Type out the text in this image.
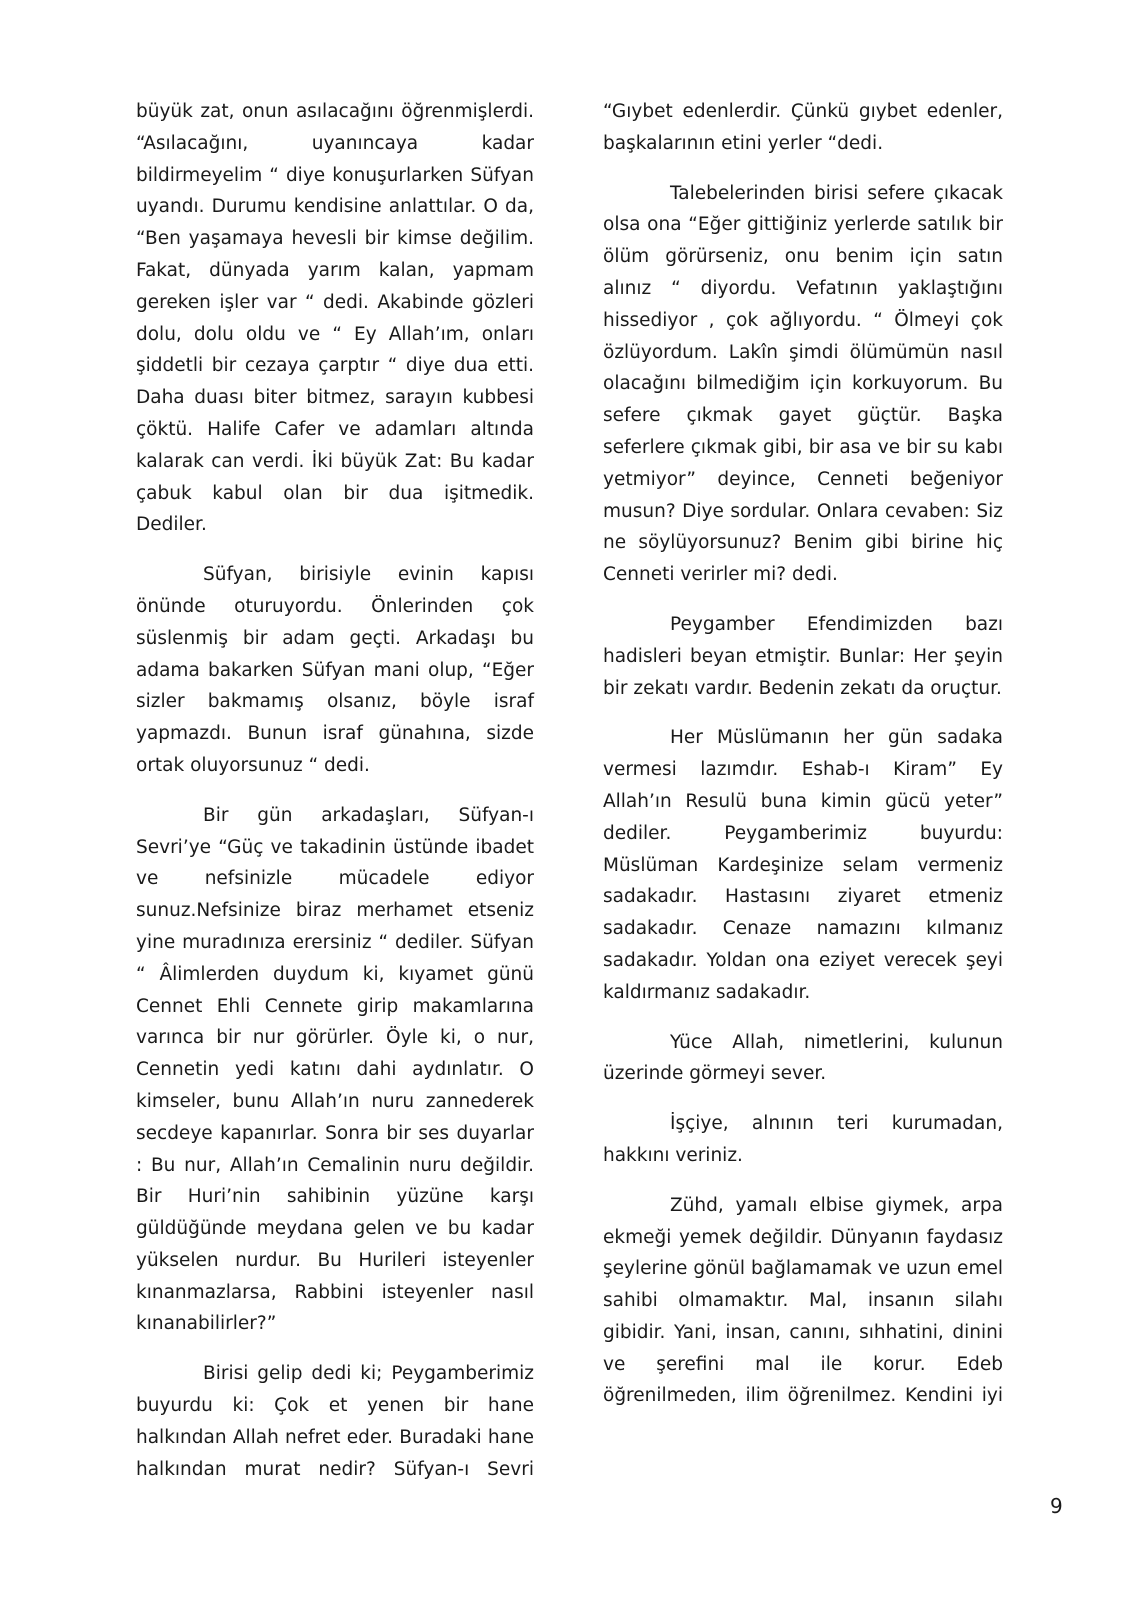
büyük zat, onun asılacağını öğrenmişlerdi. “Asılacağını, uyanıncaya kadar bildirmeyelim “ diye konuşurlarken Süfyan uyandı. Durumu kendisine anlattılar. O da, “Ben yaşamaya hevesli bir kimse değilim. Fakat, dünyada yarım kalan, yapmam gereken işler var “ dedi. Akabinde gözleri dolu, dolu oldu ve “ Ey Allah’ım, onları şiddetli bir cezaya çarptır “ diye dua etti. Daha duası biter bitmez, sarayın kubbesi çöktü. Halife Cafer ve adamları altında kalarak can verdi. İki büyük Zat: Bu kadar çabuk kabul olan bir dua işitmedik. Dediler.

Süfyan, birisiyle evinin kapısı önünde oturuyordu. Önlerinden çok süslenmiş bir adam geçti. Arkadaşı bu adama bakarken Süfyan mani olup, “Eğer sizler bakmamış olsanız, böyle israf yapmazdı. Bunun israf günahına, sizde ortak oluyorsunuz “ dedi.

Bir gün arkadaşları, Süfyan-ı Sevri’ye “Güç ve takadinin üstünde ibadet ve nefsinizle mücadele ediyor sunuz.Nefsinize biraz merhamet etseniz yine muradınıza erersiniz “ dediler. Süfyan “ Âlimlerden duydum ki, kıyamet günü Cennet Ehli Cennete girip makamlarına varınca bir nur görürler. Öyle ki, o nur, Cennetin yedi katını dahi aydınlatır. O kimseler, bunu Allah’ın nuru zannederek secdeye kapanırlar. Sonra bir ses duyarlar : Bu nur, Allah’ın Cemalinin nuru değildir. Bir Huri’nin sahibinin yüzüne karşı güldüğünde meydana gelen ve bu kadar yükselen nurdur. Bu Hurileri isteyenler kınanmazlarsa, Rabbini isteyenler nasıl kınanabilirler?”

Birisi gelip dedi ki; Peygamberimiz buyurdu ki: Çok et yenen bir hane halkından Allah nefret eder. Buradaki hane halkından murat nedir? Süfyan-ı Sevri

“Gıybet edenlerdir. Çünkü gıybet edenler, başkalarının etini yerler “dedi.

Talebelerinden birisi sefere çıkacak olsa ona “Eğer gittiğiniz yerlerde satılık bir ölüm görürseniz, onu benim için satın alınız “ diyordu. Vefatının yaklaştığını hissediyor , çok ağlıyordu. “ Ölmeyi çok özlüyordum. Lakîn şimdi ölümümün nasıl olacağını bilmediğim için korkuyorum. Bu sefere çıkmak gayet güçtür. Başka seferlere çıkmak gibi, bir asa ve bir su kabı yetmiyor” deyince, Cenneti beğeniyor musun? Diye sordular. Onlara cevaben: Siz ne söylüyorsunuz? Benim gibi birine hiç Cenneti verirler mi? dedi.

Peygamber Efendimizden bazı hadisleri beyan etmiştir. Bunlar: Her şeyin bir zekatı vardır. Bedenin zekatı da oruçtur.

Her Müslümanın her gün sadaka vermesi lazımdır. Eshab-ı Kiram” Ey Allah’ın Resulü buna kimin gücü yeter” dediler. Peygamberimiz buyurdu: Müslüman Kardeşinize selam vermeniz sadakadır. Hastasını ziyaret etmeniz sadakadır. Cenaze namazını kılmanız sadakadır. Yoldan ona eziyet verecek şeyi kaldırmanız sadakadır.

Yüce Allah, nimetlerini, kulunun üzerinde görmeyi sever.

İşçiye, alnının teri kurumadan, hakkını veriniz.

Zühd, yamalı elbise giymek, arpa ekmeği yemek değildir. Dünyanın faydasız şeylerine gönül bağlamamak ve uzun emel sahibi olmamaktır. Mal, insanın silahı gibidir. Yani, insan, canını, sıhhatini, dinini ve şerefini mal ile korur. Edeb öğrenilmeden, ilim öğrenilmez. Kendini iyi

9
